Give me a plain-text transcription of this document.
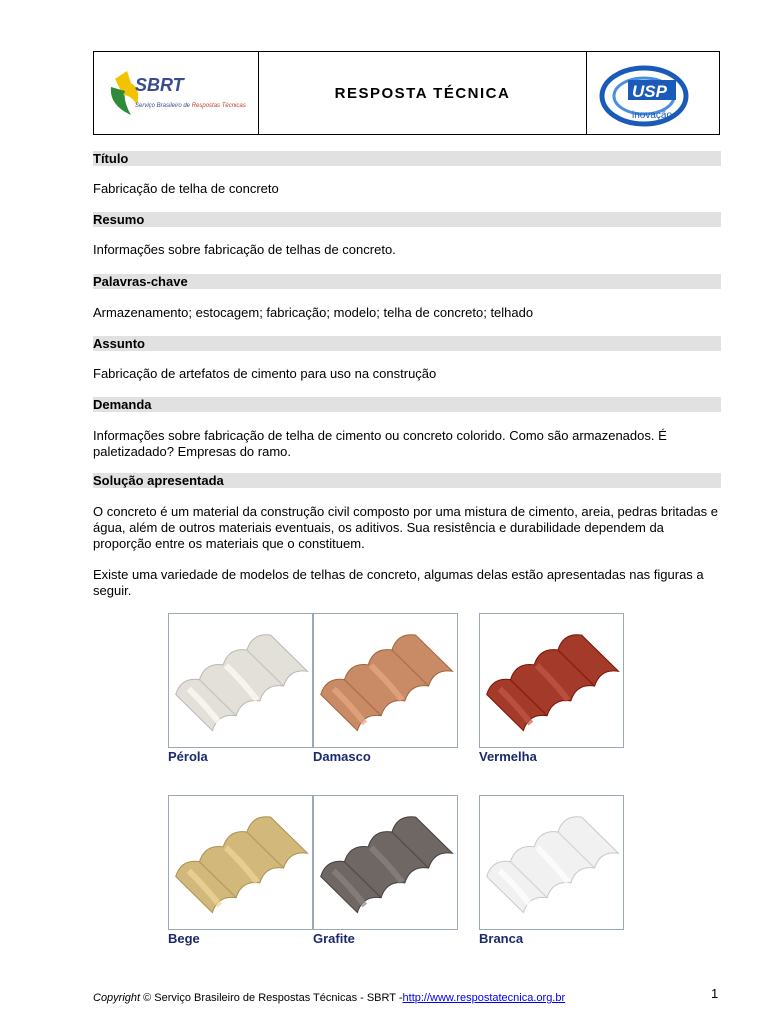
SBRT
Serviço Brasileiro de Respostas Técnicas
RESPOSTA TÉCNICA	USP
inovação
Título
Fabricação de telha de concreto
Resumo
Informações sobre fabricação de telhas de concreto.
Palavras-chave
Armazenamento; estocagem; fabricação; modelo; telha de concreto; telhado
Assunto
Fabricação de artefatos de cimento para uso na construção
Demanda
Informações sobre fabricação de telha de cimento ou concreto colorido. Como são armazenados. É paletizadado? Empresas do ramo.
Solução apresentada
O concreto é um material da construção civil composto por uma mistura de cimento, areia, pedras britadas e água, além de outros materiais eventuais, os aditivos. Sua resistência e durabilidade dependem da proporção entre os materiais que o constituem.
Existe uma variedade de modelos de telhas de concreto, algumas delas estão apresentadas nas figuras a seguir.
Pérola	Damasco	Vermelha
Bege	Grafite	Branca
Copyright © Serviço Brasileiro de Respostas Técnicas - SBRT -http://www.respostatecnica.org.br	1
